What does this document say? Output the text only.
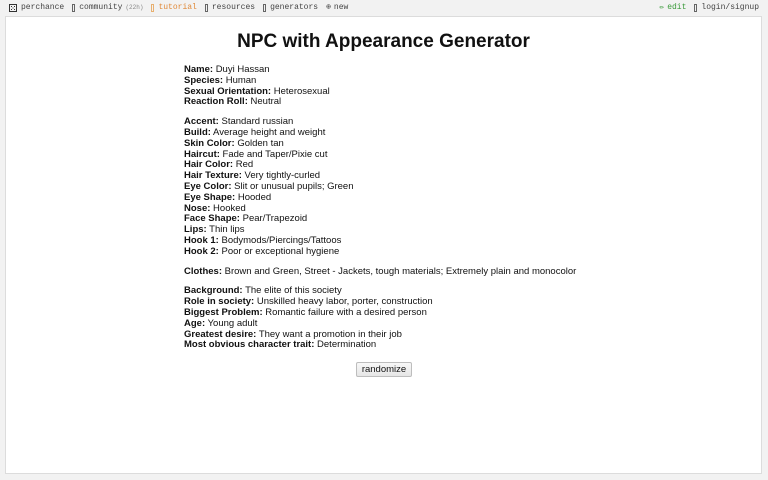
perchance community (22h) tutorial resources generators ⊕ new	✏ edit login/signup
NPC with Appearance Generator
Name: Duyi Hassan
Species: Human
Sexual Orientation: Heterosexual
Reaction Roll: Neutral
Accent: Standard russian
Build: Average height and weight
Skin Color: Golden tan
Haircut: Fade and Taper/Pixie cut
Hair Color: Red
Hair Texture: Very tightly-curled
Eye Color: Slit or unusual pupils; Green
Eye Shape: Hooded
Nose: Hooked
Face Shape: Pear/Trapezoid
Lips: Thin lips
Hook 1: Bodymods/Piercings/Tattoos
Hook 2: Poor or exceptional hygiene
Clothes: Brown and Green, Street - Jackets, tough materials; Extremely plain and monocolor
Background: The elite of this society
Role in society: Unskilled heavy labor, porter, construction
Biggest Problem: Romantic failure with a desired person
Age: Young adult
Greatest desire: They want a promotion in their job
Most obvious character trait: Determination
randomize
